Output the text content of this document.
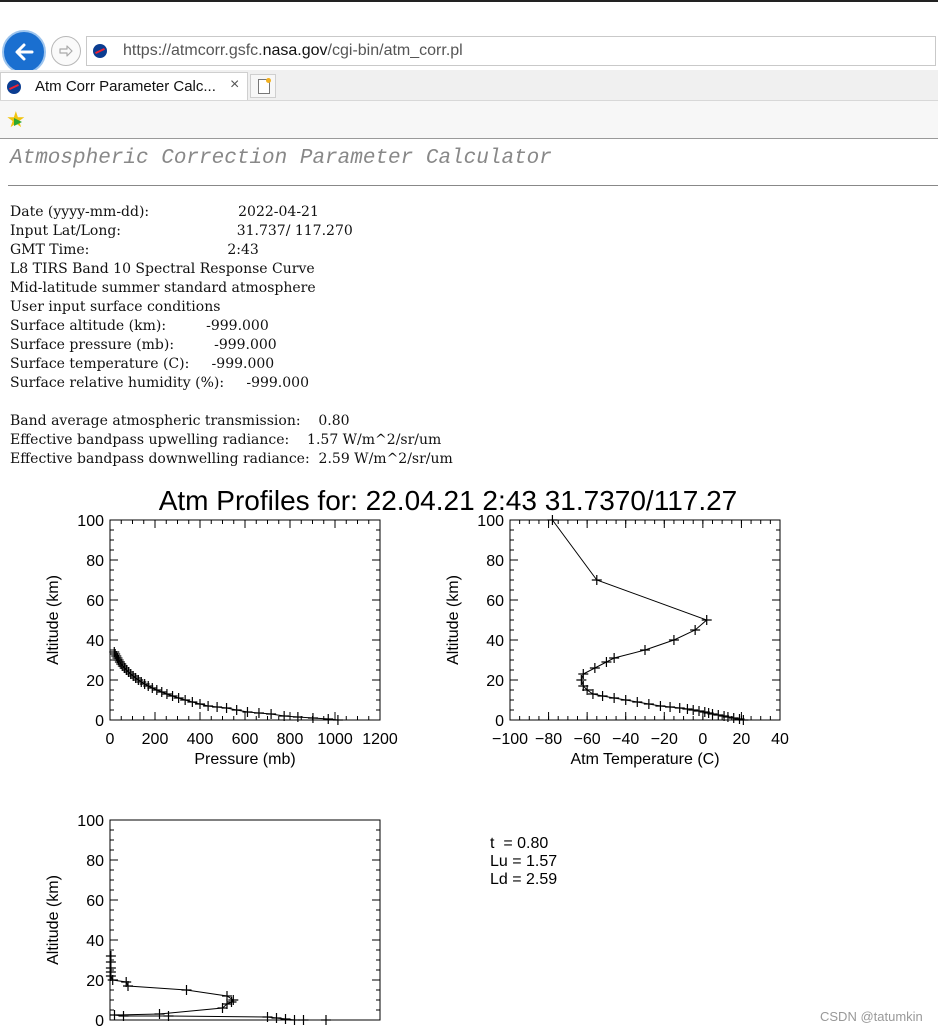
https://atmcorr.gsfc.nasa.gov/cgi-bin/atm_corr.pl
Atm Corr Parameter Calc... ×
★
Atmospheric Correction Parameter Calculator
Date (yyyy-mm-dd):                    2022-04-21
Input Lat/Long:                          31.737/ 117.270
GMT Time:                               2:43
L8 TIRS Band 10 Spectral Response Curve
Mid-latitude summer standard atmosphere
User input surface conditions
Surface altitude (km):         -999.000
Surface pressure (mb):         -999.000
Surface temperature (C):     -999.000
Surface relative humidity (%):     -999.000
Band average atmospheric transmission:    0.80
Effective bandpass upwelling radiance:    1.57 W/m^2/sr/um
Effective bandpass downwelling radiance:  2.59 W/m^2/sr/um
Atm Profiles for: 22.04.21 2:43 31.7370/117.27
0
20
40
60
80
100
0 200 400 600 800 1000 1200
Altitude (km)
Pressure (mb)
0
20
40
60
80
100
−100 −80 −60 −40 −20 0 20 40
Altitude (km)
Atm Temperature (C)
0
20
40
60
80
100
Altitude (km)
t  = 0.80
Lu = 1.57
Ld = 2.59
CSDN @tatumkin
